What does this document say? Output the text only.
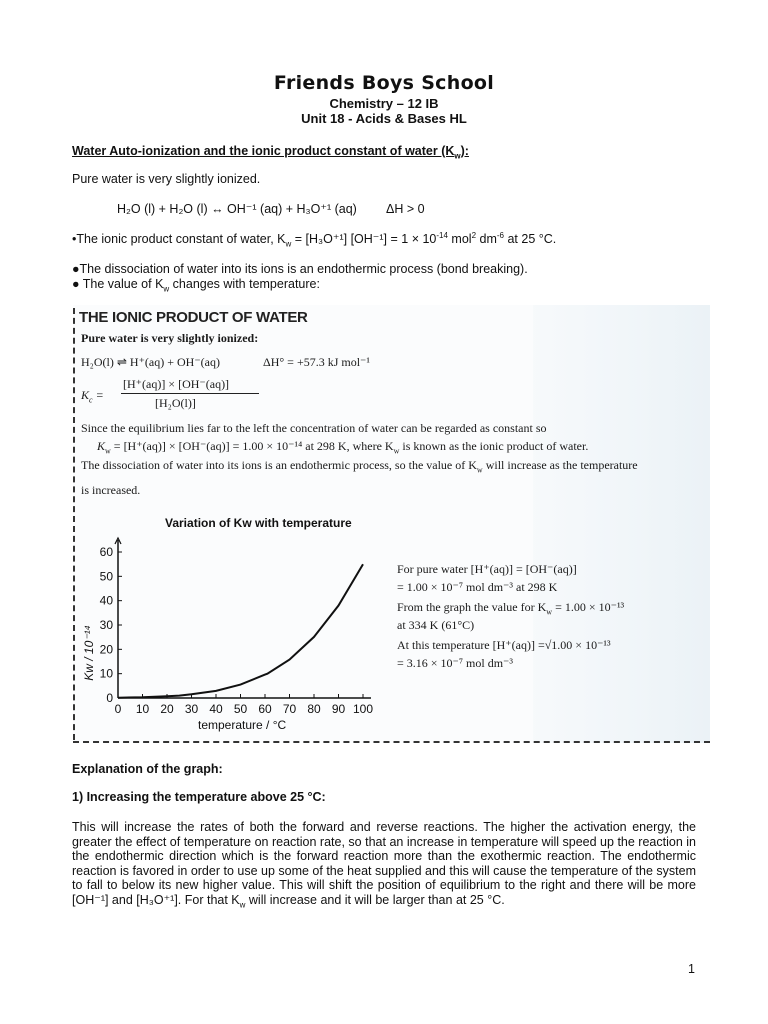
Friends Boys School
Chemistry – 12 IB
Unit 18 - Acids & Bases HL
Water Auto-ionization and the ionic product constant of water $(K_w)$:
Pure water is very slightly ionized.
H₂O (l) + H₂O (l) ↔ OH⁻¹ (aq) + H₃O⁺¹ (aq) ΔH > 0
•The ionic product constant of water, $K_w = [H_3O^{+1}] [OH^{-1}] = 1 \times 10^{-14}$ mol$^2$ $dm^{-6}$ at 25 °C.
●The dissociation of water into its ions is an endothermic process (bond breaking).
● The value of $K_w$ changes with temperature:
THE IONIC PRODUCT OF WATER
Pure water is very slightly ionized:
H₂O(l) ⇌ H⁺(aq) + OH⁻(aq)	ΔH° = +57.3 kJ mol⁻¹
$K_c$ =
[H⁺(aq)] × [OH⁻(aq)]
[H₂O(l)]
Since the equilibrium lies far to the left the concentration of water can be regarded as constant so
$K_w = [H^+(aq)] \times [OH^-(aq)] = 1.00 \times 10^{-14}$ at 298 K, where $K_w$ is known as the ionic product of water.
The dissociation of water into its ions is an endothermic process, so the value of $K_w$ will increase as the temperature
is increased.
Variation of Kw with temperature
0 10 20 30 40 50 60 70 80 90 100
0
10
20
30
40
50
60
Kw / 10⁻¹⁴
temperature / °C
For pure water [H⁺(aq)] = [OH⁻(aq)]
= 1.00 × 10⁻⁷ mol dm⁻³ at 298 K
From the graph the value for $K_w = 1.00 \times 10^{-13}$
at 334 K (61°C)
At this temperature [H⁺(aq)] =√1.00 × 10⁻¹³
= 3.16 × 10⁻⁷ mol dm⁻³
Explanation of the graph:
1) Increasing the temperature above 25 °C:
This will increase the rates of both the forward and reverse reactions. The higher the activation energy, the greater the effect of temperature on reaction rate, so that an increase in temperature will speed up the reaction in the endothermic direction which is the forward reaction more than the exothermic reaction. The endothermic reaction is favored in order to use up some of the heat supplied and this will cause the temperature of the system to fall to below its new higher value. This will shift the position of equilibrium to the right and there will be more [OH⁻¹] and [H₃O⁺¹]. For that $K_w$ will increase and it will be larger than at 25 °C.
1
